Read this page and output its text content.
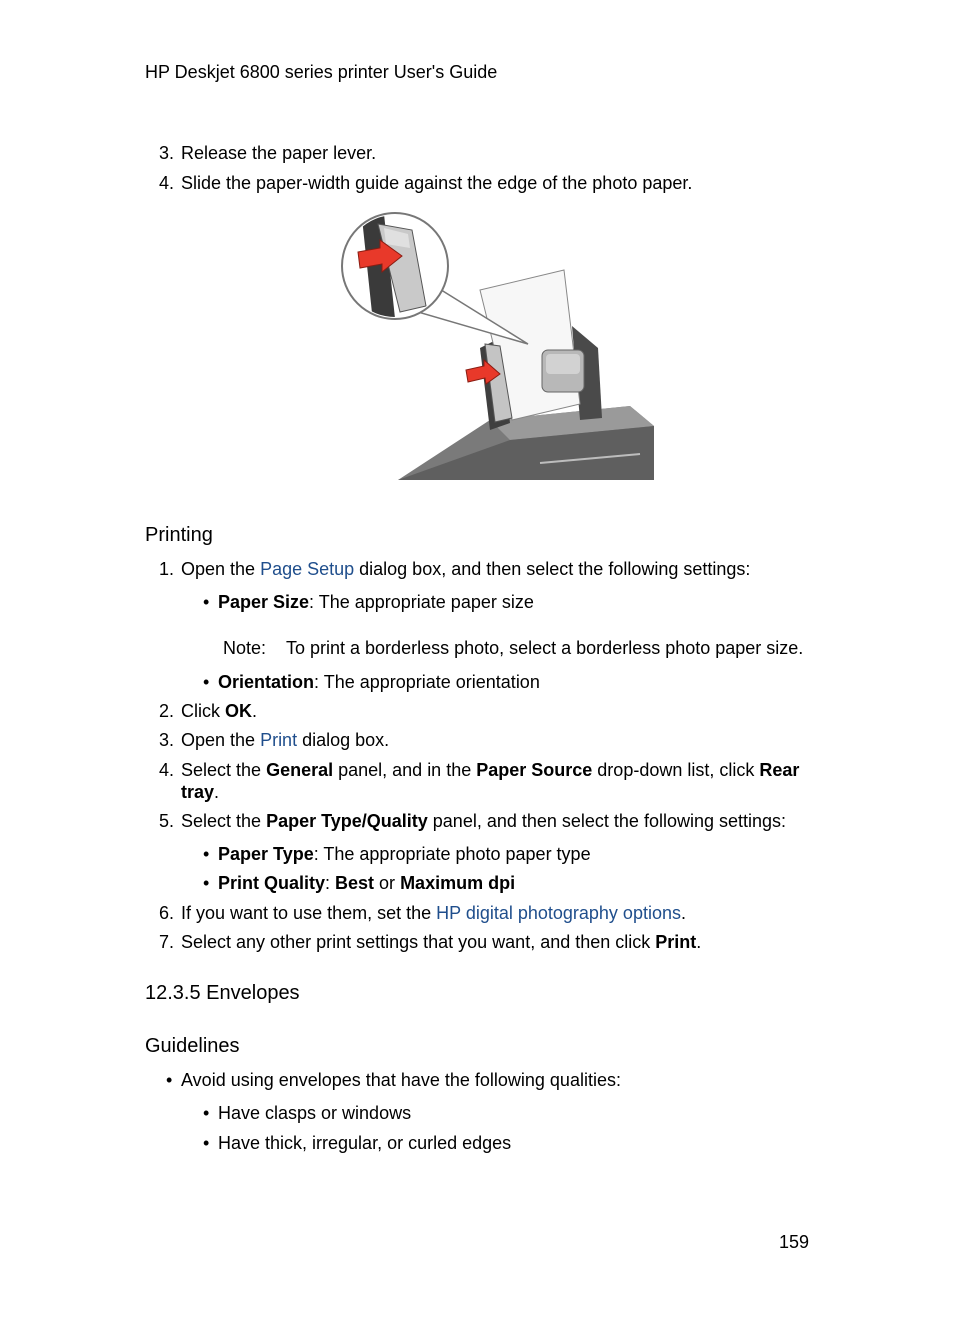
HP Deskjet 6800 series printer User's Guide
3. Release the paper lever.
4. Slide the paper-width guide against the edge of the photo paper.
Printing
1. Open the Page Setup dialog box, and then select the following settings:
• Paper Size: The appropriate paper size
Note: To print a borderless photo, select a borderless photo paper size.
• Orientation: The appropriate orientation
2. Click OK.
3. Open the Print dialog box.
4. Select the General panel, and in the Paper Source drop-down list, click Rear
tray.
5. Select the Paper Type/Quality panel, and then select the following settings:
• Paper Type: The appropriate photo paper type
• Print Quality: Best or Maximum dpi
6. If you want to use them, set the HP digital photography options.
7. Select any other print settings that you want, and then click Print.
12.3.5 Envelopes
Guidelines
• Avoid using envelopes that have the following qualities:
• Have clasps or windows
• Have thick, irregular, or curled edges
159
